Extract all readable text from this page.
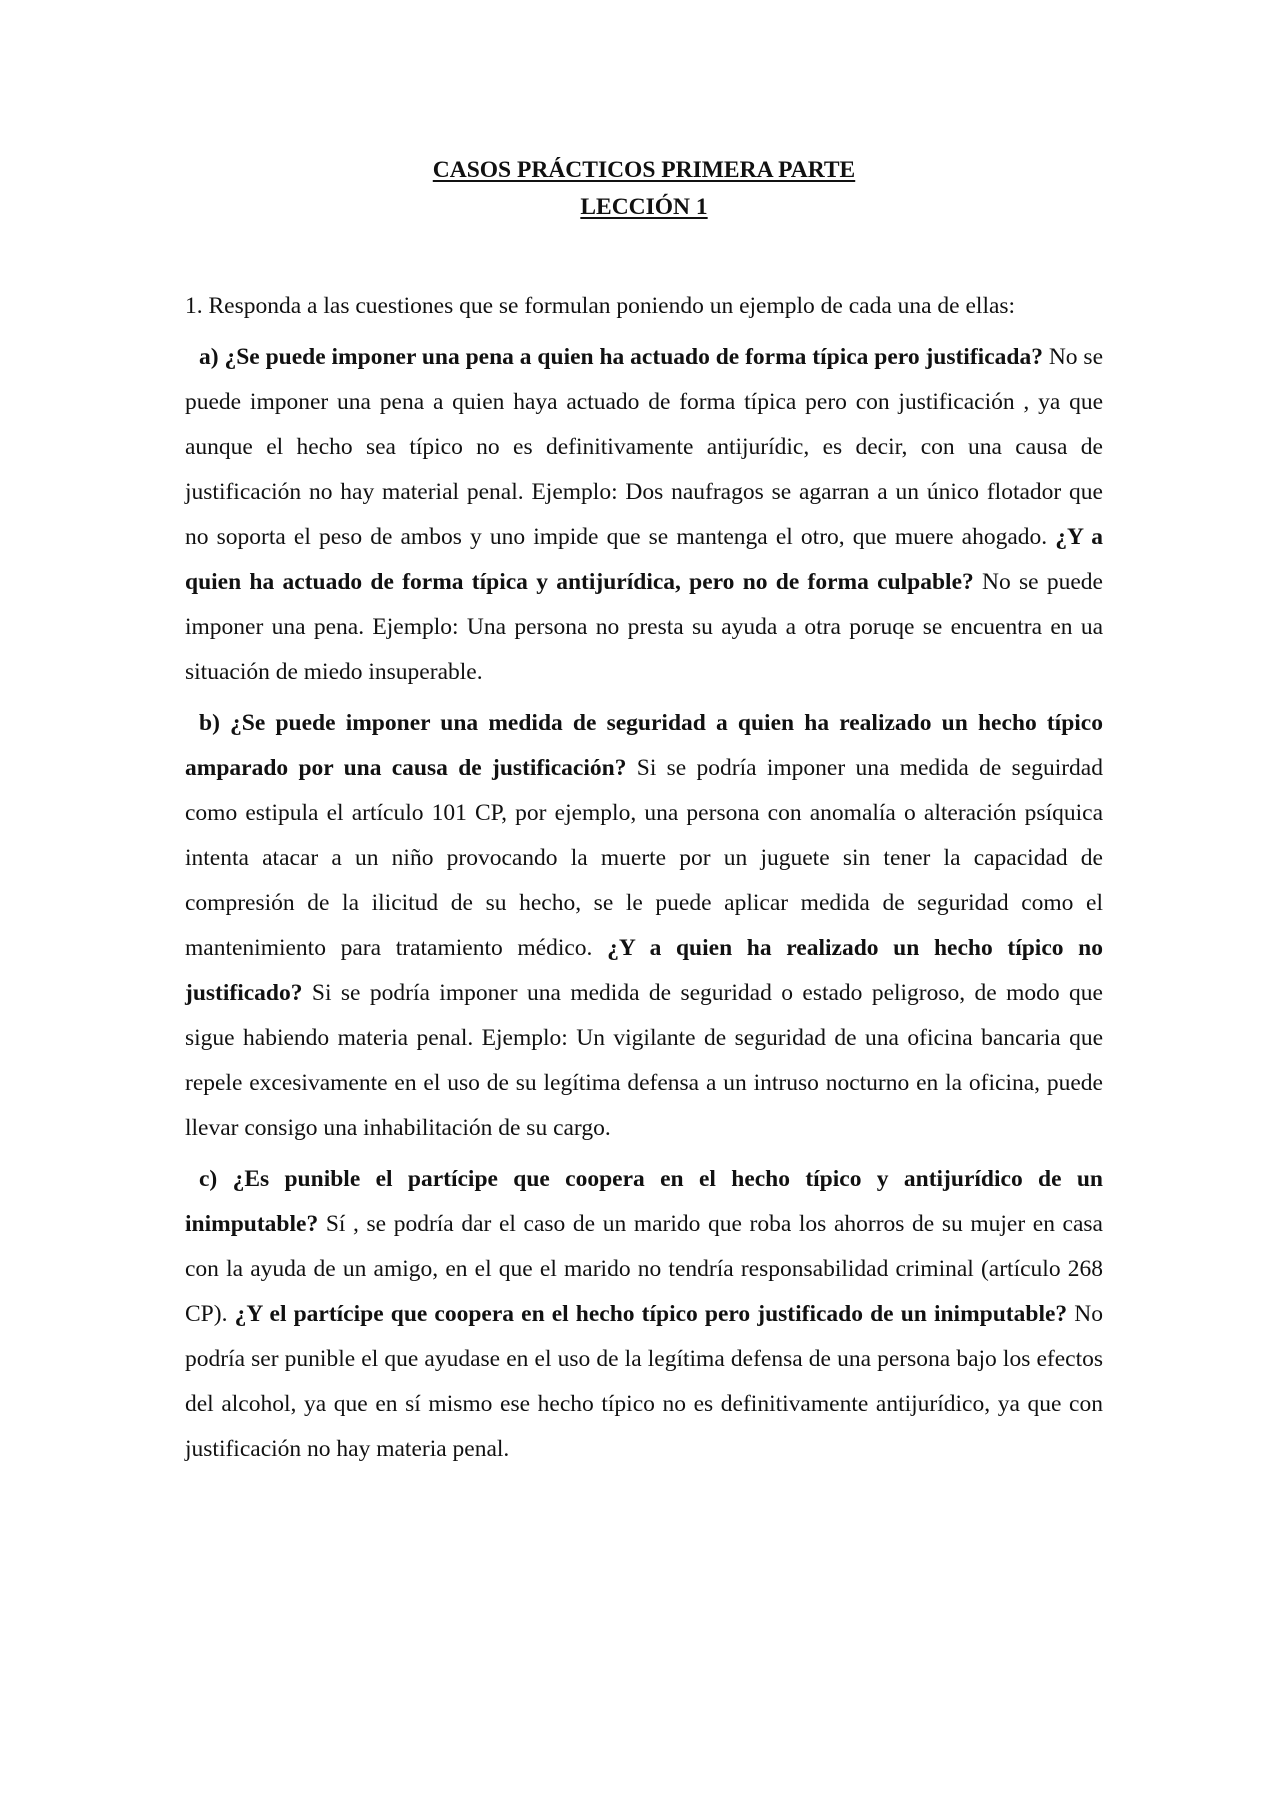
CASOS PRÁCTICOS PRIMERA PARTE
LECCIÓN 1

1. Responda a las cuestiones que se formulan poniendo un ejemplo de cada una de ellas:

a) ¿Se puede imponer una pena a quien ha actuado de forma típica pero justificada? No se puede imponer una pena a quien haya actuado de forma típica pero con justificación , ya que aunque el hecho sea típico no es definitivamente antijurídic, es decir, con una causa de justificación no hay material penal. Ejemplo: Dos naufragos se agarran a un único flotador que no soporta el peso de ambos y uno impide que se mantenga el otro, que muere ahogado. ¿Y a quien ha actuado de forma típica y antijurídica, pero no de forma culpable? No se puede imponer una pena. Ejemplo: Una persona no presta su ayuda a otra poruqe se encuentra en ua situación de miedo insuperable.

b) ¿Se puede imponer una medida de seguridad a quien ha realizado un hecho típico amparado por una causa de justificación? Si se podría imponer una medida de seguirdad como estipula el artículo 101 CP, por ejemplo, una persona con anomalía o alteración psíquica intenta atacar a un niño provocando la muerte por un juguete sin tener la capacidad de compresión de la ilicitud de su hecho, se le puede aplicar medida de seguridad como el mantenimiento para tratamiento médico. ¿Y a quien ha realizado un hecho típico no justificado? Si se podría imponer una medida de seguridad o estado peligroso, de modo que sigue habiendo materia penal. Ejemplo: Un vigilante de seguridad de una oficina bancaria que repele excesivamente en el uso de su legítima defensa a un intruso nocturno en la oficina, puede llevar consigo una inhabilitación de su cargo.

c) ¿Es punible el partícipe que coopera en el hecho típico y antijurídico de un inimputable? Sí , se podría dar el caso de un marido que roba los ahorros de su mujer en casa con la ayuda de un amigo, en el que el marido no tendría responsabilidad criminal (artículo 268 CP). ¿Y el partícipe que coopera en el hecho típico pero justificado de un inimputable? No podría ser punible el que ayudase en el uso de la legítima defensa de una persona bajo los efectos del alcohol, ya que en sí mismo ese hecho típico no es definitivamente antijurídico, ya que con justificación no hay materia penal.
